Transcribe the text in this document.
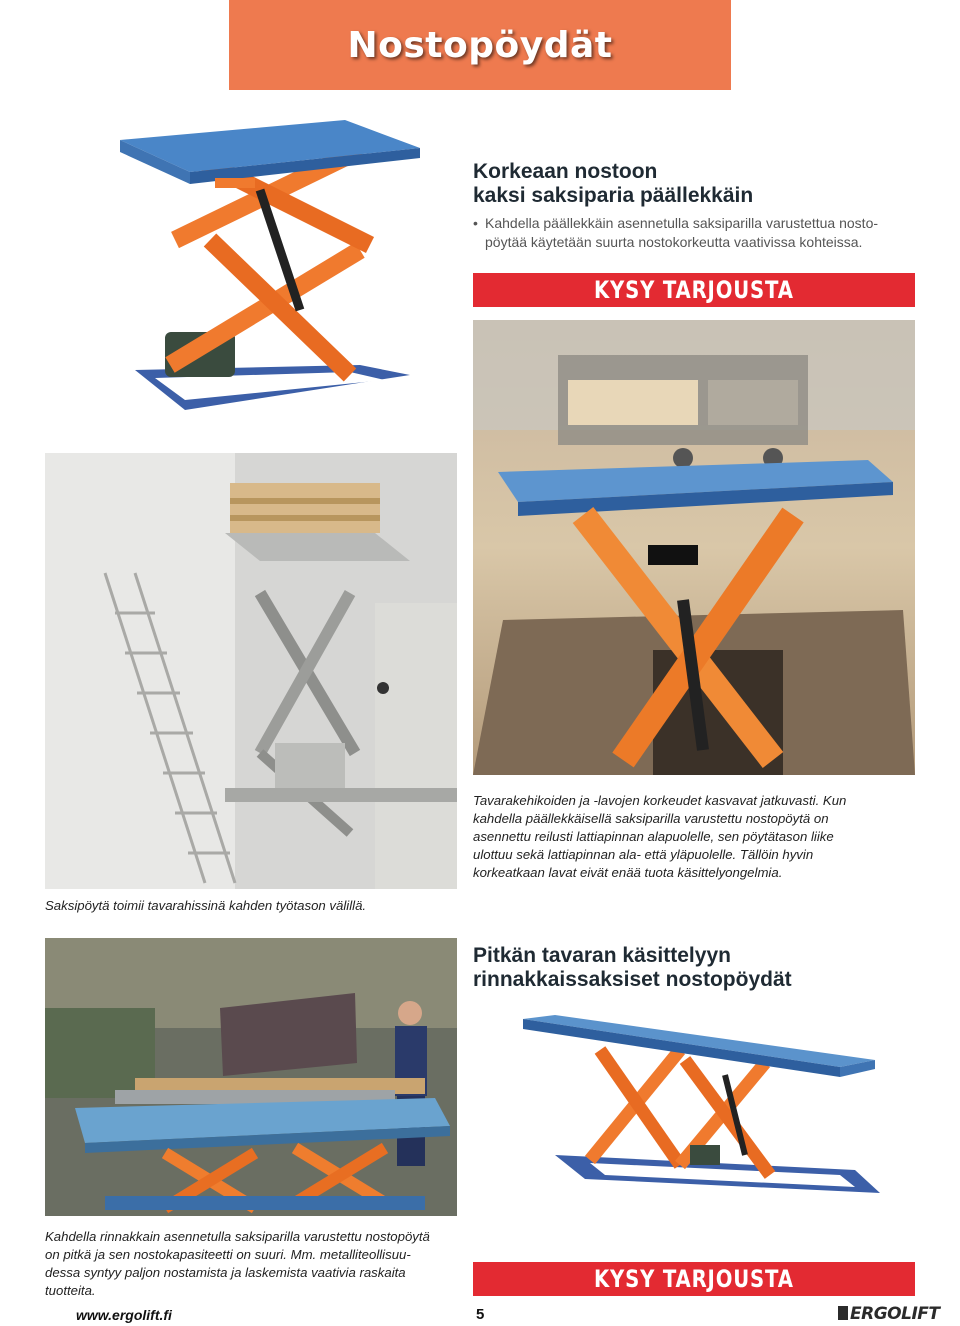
Nostopöydät

Korkeaan nostoon
kaksi saksiparia päällekkäin

• Kahdella päällekkäin asennetulla saksiparilla varustettua nosto-
pöytää käytetään suurta nostokorkeutta vaativissa kohteissa.
KYSY TARJOUSTA
Tavarakehikoiden ja -lavojen korkeudet kasvavat jatkuvasti. Kun
kahdella päällekkäisellä saksiparilla varustettu nostopöytä on
asennettu reilusti lattiapinnan alapuolelle, sen pöytätason liike
ulottuu sekä lattiapinnan ala- että yläpuolelle. Tällöin hyvin
korkeatkaan lavat eivät enää tuota käsittelyongelmia.
Saksipöytä toimii tavarahissinä kahden työtason välillä.

Pitkän tavaran käsittelyyn
rinnakkaissaksiset nostopöydät

Kahdella rinnakkain asennetulla saksiparilla varustettu nostopöytä
on pitkä ja sen nostokapasiteetti on suuri. Mm. metalliteollisuu-
dessa syntyy paljon nostamista ja laskemista vaativia raskaita
tuotteita.	KYSY TARJOUSTA
www.ergolift.fi	5	ERGOLIFT
